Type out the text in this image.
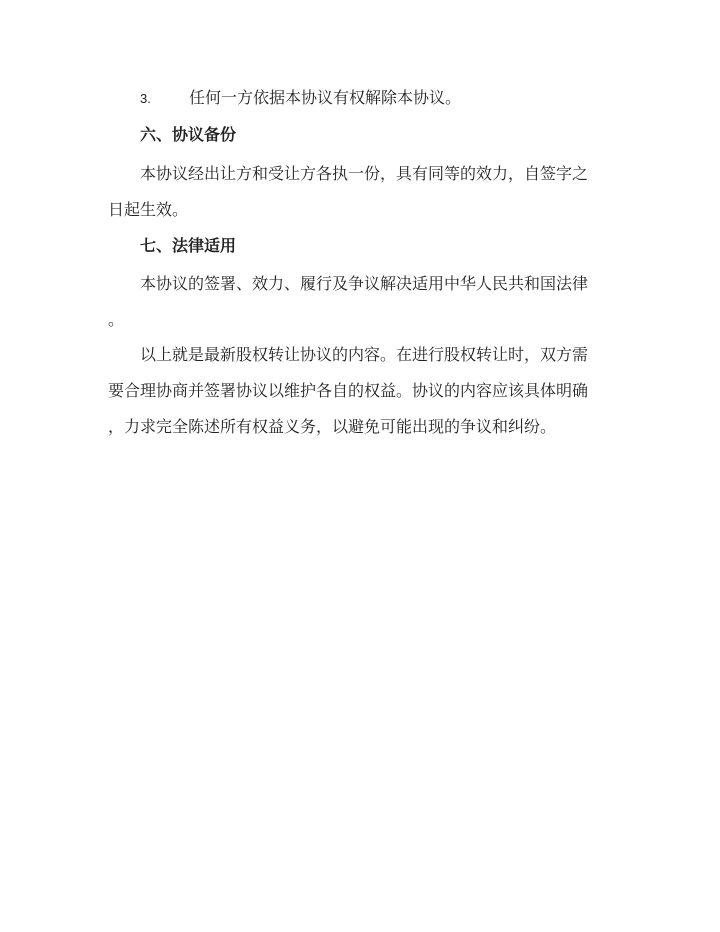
3. 任何一方依据本协议有权解除本协议。
六、协议备份
本协议经出让方和受让方各执一份，具有同等的效力，自签字之
日起生效。
七、法律适用
本协议的签署、效力、履行及争议解决适用中华人民共和国法律
。
以上就是最新股权转让协议的内容。在进行股权转让时，双方需
要合理协商并签署协议以维护各自的权益。协议的内容应该具体明确
，力求完全陈述所有权益义务，以避免可能出现的争议和纠纷。
